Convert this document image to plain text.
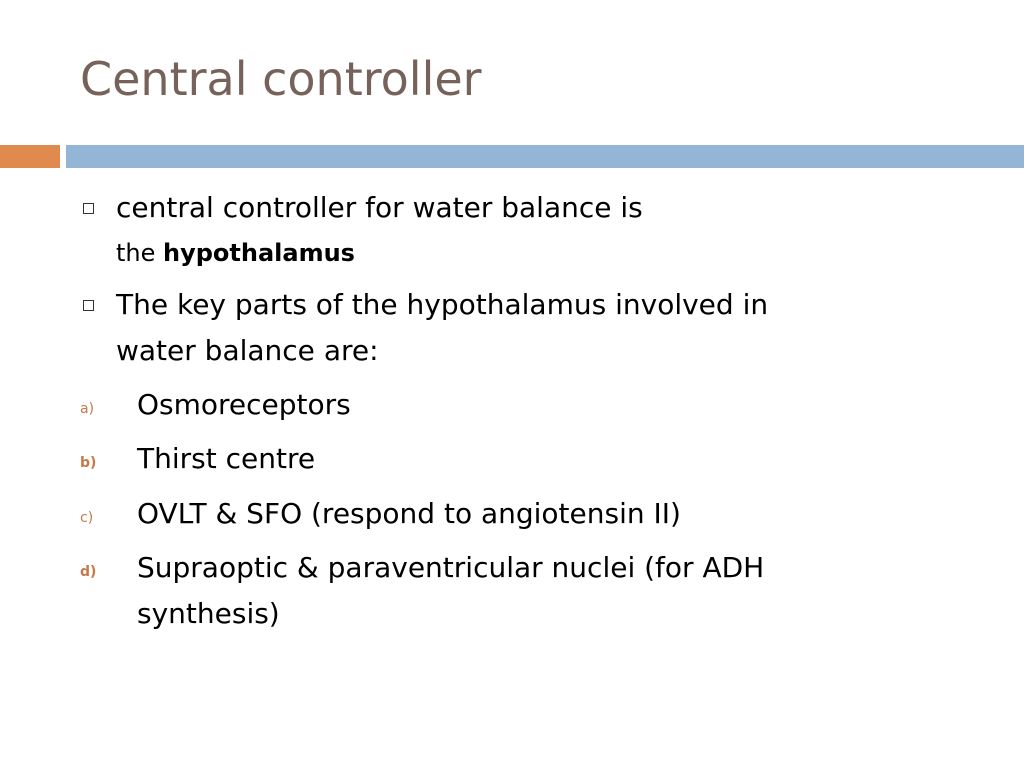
Central controller
central controller for water balance is
the hypothalamus
The key parts of the hypothalamus involved in
water balance are:
a) Osmoreceptors
b) Thirst centre
c) OVLT & SFO (respond to angiotensin II)
d) Supraoptic & paraventricular nuclei (for ADH
synthesis)
